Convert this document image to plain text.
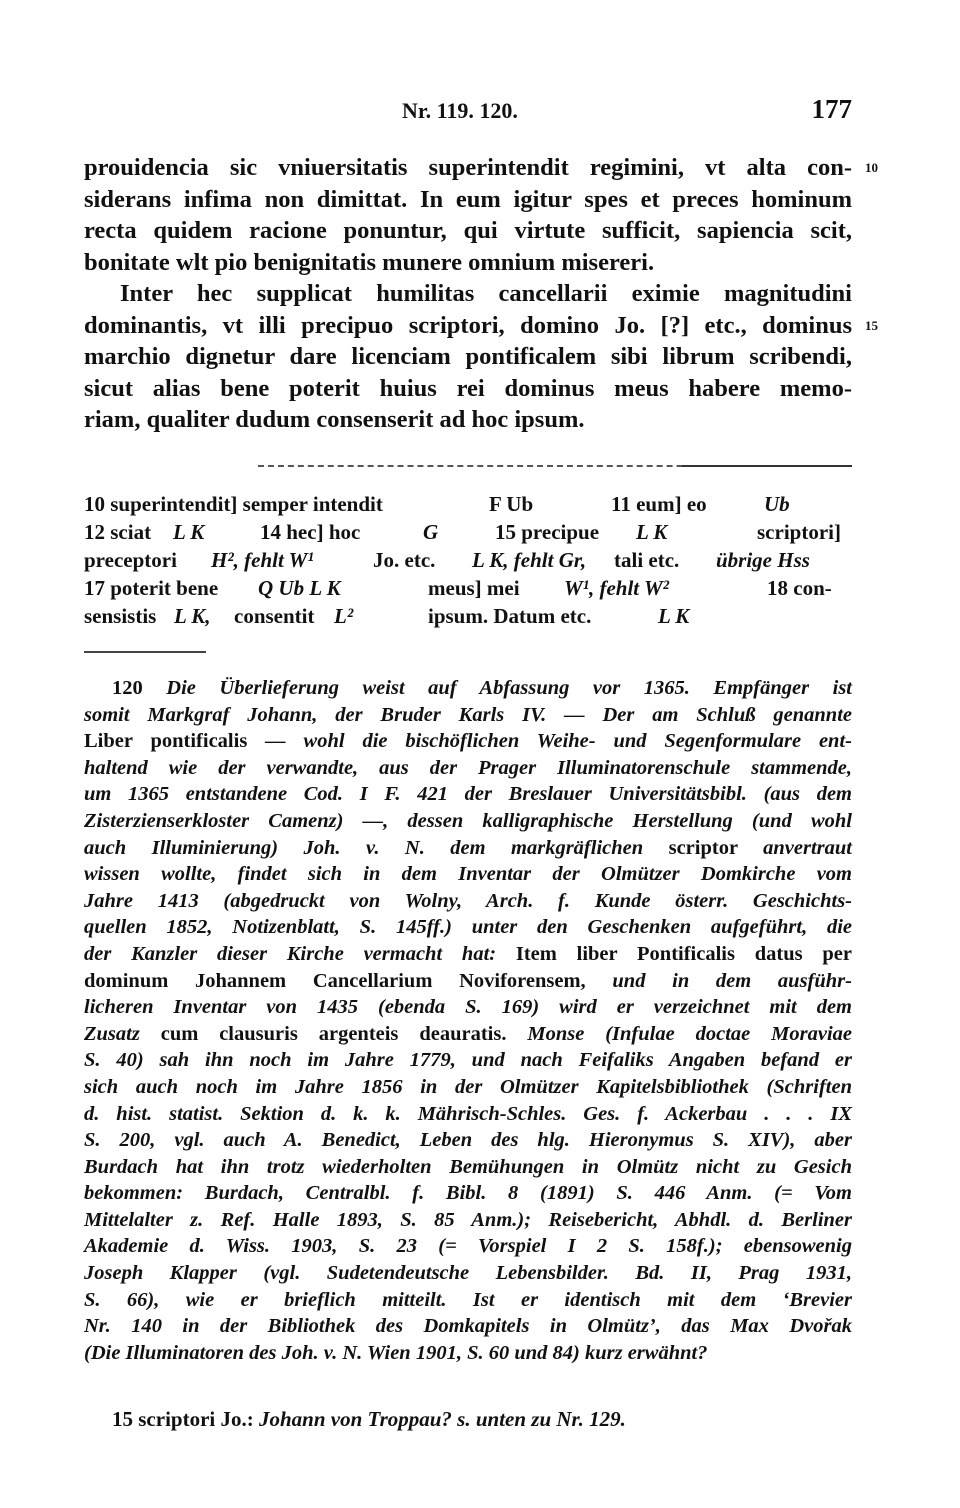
Nr. 119. 120.	177
prouidencia sic vniuersitatis superintendit regimini, vt alta con- 10
siderans infima non dimittat. In eum igitur spes et preces hominum
recta quidem racione ponuntur, qui virtute sufficit, sapiencia scit,
bonitate wlt pio benignitatis munere omnium misereri.
Inter hec supplicat humilitas cancellarii eximie magnitudini
dominantis, vt illi precipuo scriptori, domino Jo. [?] etc., dominus 15
marchio dignetur dare licenciam pontificalem sibi librum scribendi,
sicut alias bene poterit huius rei dominus meus habere memo-
riam, qualiter dudum consenserit ad hoc ipsum.
10 superintendit] semper intendit	F Ub	11 eum] eo	Ub
12 sciat L K	14 hec] hoc	G	15 precipue L K	scriptori]
preceptori H², fehlt W¹	Jo. etc. L K, fehlt Gr, tali etc. übrige Hss
17 poterit bene Q Ub L K	meus] mei W¹, fehlt W²	18 con-
sensistis L K, consentit L²	ipsum. Datum etc.	L K
120 Die Überlieferung weist auf Abfassung vor 1365. Empfänger ist
somit Markgraf Johann, der Bruder Karls IV. — Der am Schluß genannte
Liber pontificalis — wohl die bischöflichen Weihe- und Segenformulare ent-
haltend wie der verwandte, aus der Prager Illuminatorenschule stammende,
um 1365 entstandene Cod. I F. 421 der Breslauer Universitätsbibl. (aus dem
Zisterzienserkloster Camenz) —, dessen kalligraphische Herstellung (und wohl
auch Illuminierung) Joh. v. N. dem markgräflichen scriptor anvertraut
wissen wollte, findet sich in dem Inventar der Olmützer Domkirche vom
Jahre 1413 (abgedruckt von Wolny, Arch. f. Kunde österr. Geschichts-
quellen 1852, Notizenblatt, S. 145ff.) unter den Geschenken aufgeführt, die
der Kanzler dieser Kirche vermacht hat: Item liber Pontificalis datus per
dominum Johannem Cancellarium Noviforensem, und in dem ausführ-
licheren Inventar von 1435 (ebenda S. 169) wird er verzeichnet mit dem
Zusatz cum clausuris argenteis deauratis. Monse (Infulae doctae Moraviae
S. 40) sah ihn noch im Jahre 1779, und nach Feifaliks Angaben befand er
sich auch noch im Jahre 1856 in der Olmützer Kapitelsbibliothek (Schriften
d. hist. statist. Sektion d. k. k. Mährisch-Schles. Ges. f. Ackerbau . . . IX
S. 200, vgl. auch A. Benedict, Leben des hlg. Hieronymus S. XIV), aber
Burdach hat ihn trotz wiederholten Bemühungen in Olmütz nicht zu Gesich
bekommen: Burdach, Centralbl. f. Bibl. 8 (1891) S. 446 Anm. (= Vom
Mittelalter z. Ref. Halle 1893, S. 85 Anm.); Reisebericht, Abhdl. d. Berliner
Akademie d. Wiss. 1903, S. 23 (= Vorspiel I 2 S. 158f.); ebensowenig
Joseph Klapper (vgl. Sudetendeutsche Lebensbilder. Bd. II, Prag 1931,
S. 66), wie er brieflich mitteilt. Ist er identisch mit dem ‘Brevier
Nr. 140 in der Bibliothek des Domkapitels in Olmütz’, das Max Dvořak
(Die Illuminatoren des Joh. v. N. Wien 1901, S. 60 und 84) kurz erwähnt?
15 scriptori Jo.: Johann von Troppau? s. unten zu Nr. 129.
